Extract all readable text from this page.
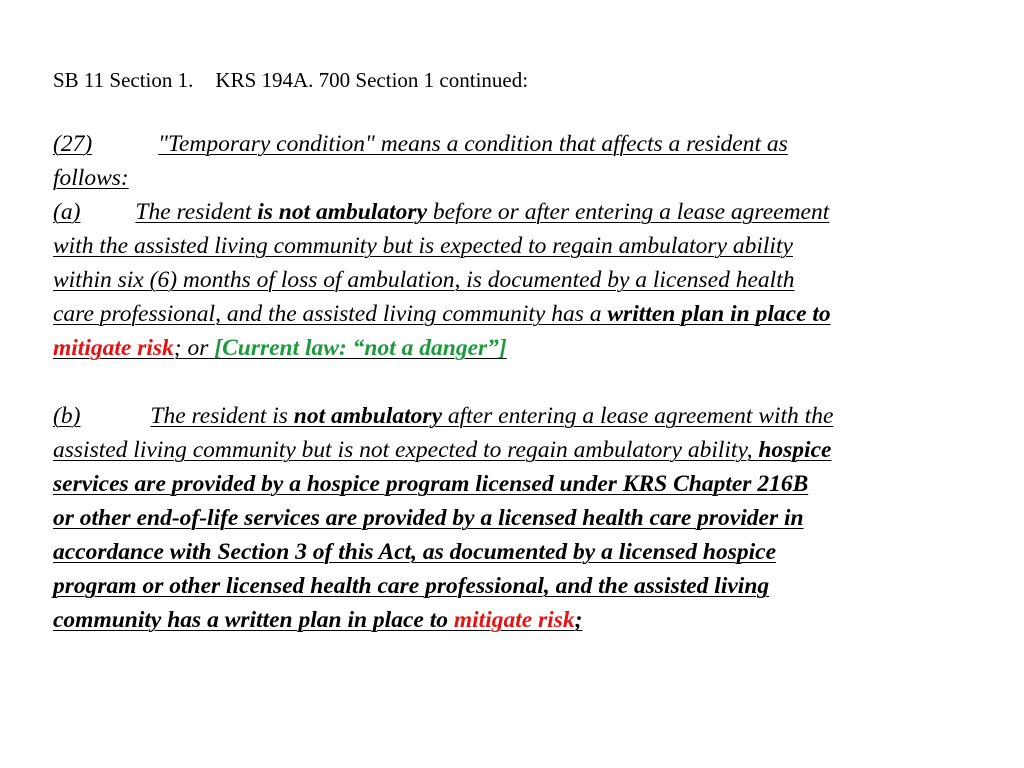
SB 11 Section 1. KRS 194A. 700 Section 1 continued:
(27)	"Temporary condition" means a condition that affects a resident as
follows:
(a) The resident is not ambulatory before or after entering a lease agreement
with the assisted living community but is expected to regain ambulatory ability
within six (6) months of loss of ambulation, is documented by a licensed health
care professional, and the assisted living community has a written plan in place to
mitigate risk; or [Current law: “not a danger”]
(b)	The resident is not ambulatory after entering a lease agreement with the
assisted living community but is not expected to regain ambulatory ability, hospice
services are provided by a hospice program licensed under KRS Chapter 216B
or other end-of-life services are provided by a licensed health care provider in
accordance with Section 3 of this Act, as documented by a licensed hospice
program or other licensed health care professional, and the assisted living
community has a written plan in place to mitigate risk;
